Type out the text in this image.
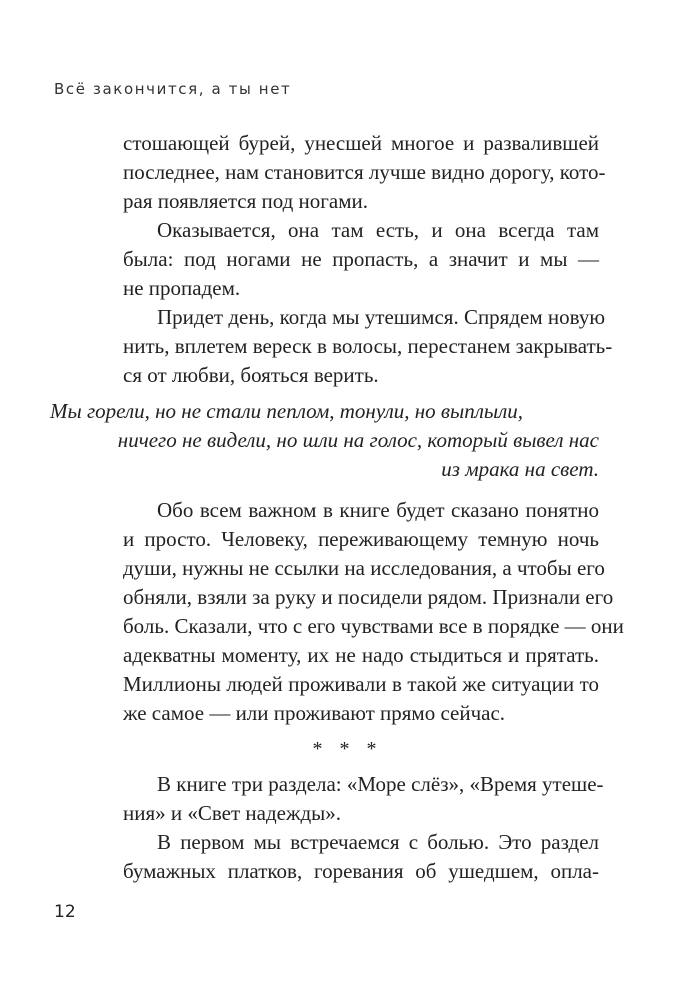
Всё закончится, а ты нет
стошающей бурей, унесшей многое и развалившей
последнее, нам становится лучше видно дорогу, кото-
рая появляется под ногами.
Оказывается, она там есть, и она всегда там
была: под ногами не пропасть, а значит и мы —
не пропадем.
Придет день, когда мы утешимся. Спрядем новую
нить, вплетем вереск в волосы, перестанем закрывать-
ся от любви, бояться верить.
Мы горели, но не стали пеплом, тонули, но выплыли,
ничего не видели, но шли на голос, который вывел нас
из мрака на свет.
Обо всем важном в книге будет сказано понятно
и просто. Человеку, переживающему темную ночь
души, нужны не ссылки на исследования, а чтобы его
обняли, взяли за руку и посидели рядом. Признали его
боль. Сказали, что с его чувствами все в порядке — они
адекватны моменту, их не надо стыдиться и прятать.
Миллионы людей проживали в такой же ситуации то
же самое — или проживают прямо сейчас.
* * *
В книге три раздела: «Море слёз», «Время утеше-
ния» и «Свет надежды».
В первом мы встречаемся с болью. Это раздел
бумажных платков, горевания об ушедшем, опла-
12
